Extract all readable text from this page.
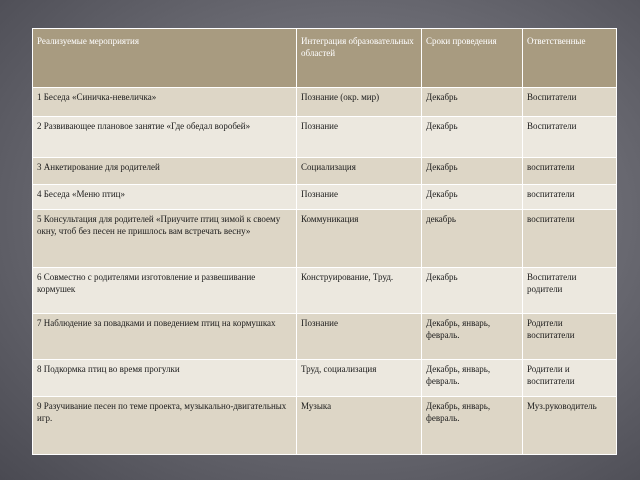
Реализуемые мероприятия	Интеграция образовательных областей	Сроки проведения	Ответственные
1 Беседа «Синичка-невеличка»	Познание (окр. мир)	Декабрь	Воспитатели
2 Развивающее плановое занятие «Где обедал воробей»	Познание	Декабрь	Воспитатели
3 Анкетирование для родителей	Социализация	Декабрь	воспитатели
4 Беседа «Меню птиц»	Познание	Декабрь	воспитатели
5 Консультация для родителей «Приучите птиц зимой к своему окну, чтоб без песен не пришлось вам встречать весну»	Коммуникация	декабрь	воспитатели
6 Совместно с родителями изготовление и развешивание кормушек	Конструирование, Труд.	Декабрь	Воспитатели родители
7 Наблюдение за повадками и поведением птиц на кормушках	Познание	Декабрь, январь, февраль.	Родители воспитатели
8 Подкормка птиц во время прогулки	Труд, социализация	Декабрь, январь, февраль.	Родители и воспитатели
9 Разучивание песен по теме проекта, музыкально-двигательных игр.	Музыка	Декабрь, январь, февраль.	Муз.руководитель
